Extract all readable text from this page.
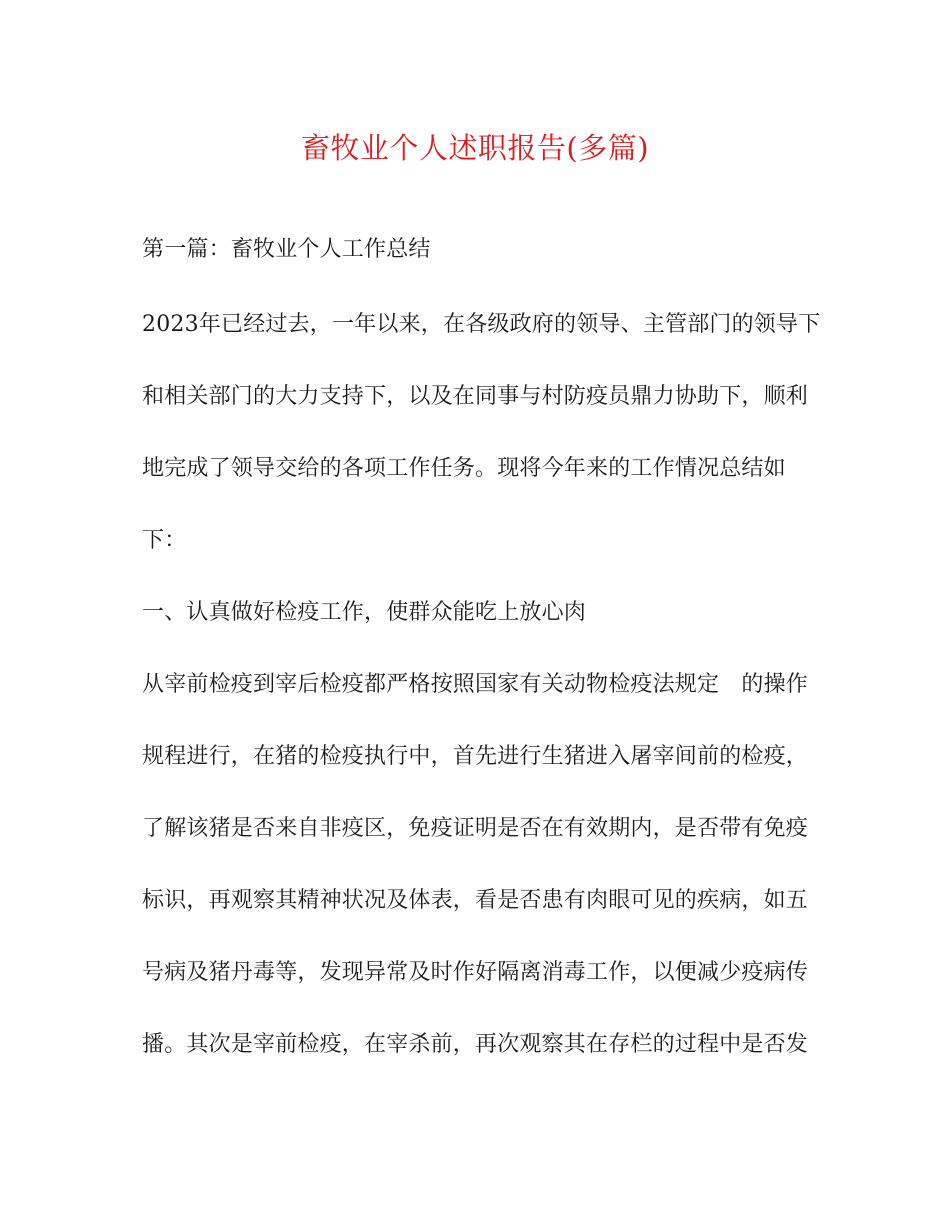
畜牧业个人述职报告(多篇)
第一篇：畜牧业个人工作总结
2023年已经过去，一年以来，在各级政府的领导、主管部门的领导下
和相关部门的大力支持下，以及在同事与村防疫员鼎力协助下，顺利
地完成了领导交给的各项工作任务。现将今年来的工作情况总结如
下：
一、认真做好检疫工作，使群众能吃上放心肉
从宰前检疫到宰后检疫都严格按照国家有关动物检疫法规定　的操作
规程进行，在猪的检疫执行中，首先进行生猪进入屠宰间前的检疫，
了解该猪是否来自非疫区，免疫证明是否在有效期内，是否带有免疫
标识，再观察其精神状况及体表，看是否患有肉眼可见的疾病，如五
号病及猪丹毒等，发现异常及时作好隔离消毒工作，以便减少疫病传
播。其次是宰前检疫，在宰杀前，再次观察其在存栏的过程中是否发
